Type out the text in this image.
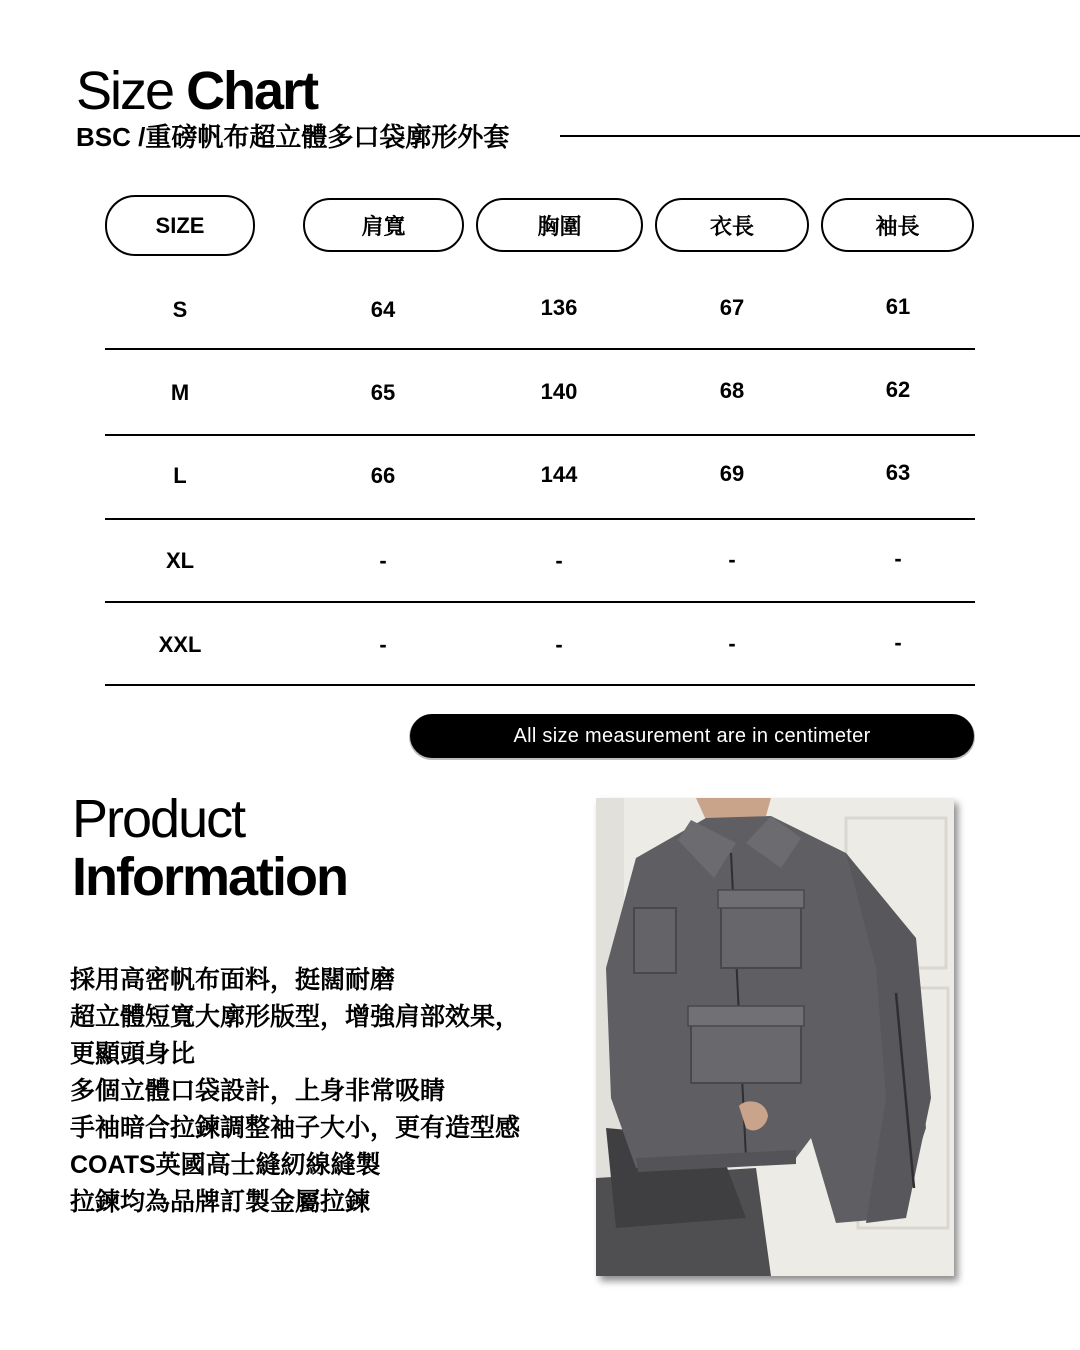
Size Chart
BSC /重磅帆布超立體多口袋廓形外套
SIZE	肩寬	胸圍	衣長	袖長
S	64	136	67	61
M	65	140	68	62
L	66	144	69	63
XL	-	-	-	-
XXL	-	-	-	-
All size measurement are in centimeter
Product
Information
採用高密帆布面料，挺闊耐磨
超立體短寬大廓形版型，增強肩部效果，
更顯頭身比
多個立體口袋設計，上身非常吸睛
手袖暗合拉鍊調整袖子大小，更有造型感
COATS英國高士縫紉線縫製
拉鍊均為品牌訂製金屬拉鍊
